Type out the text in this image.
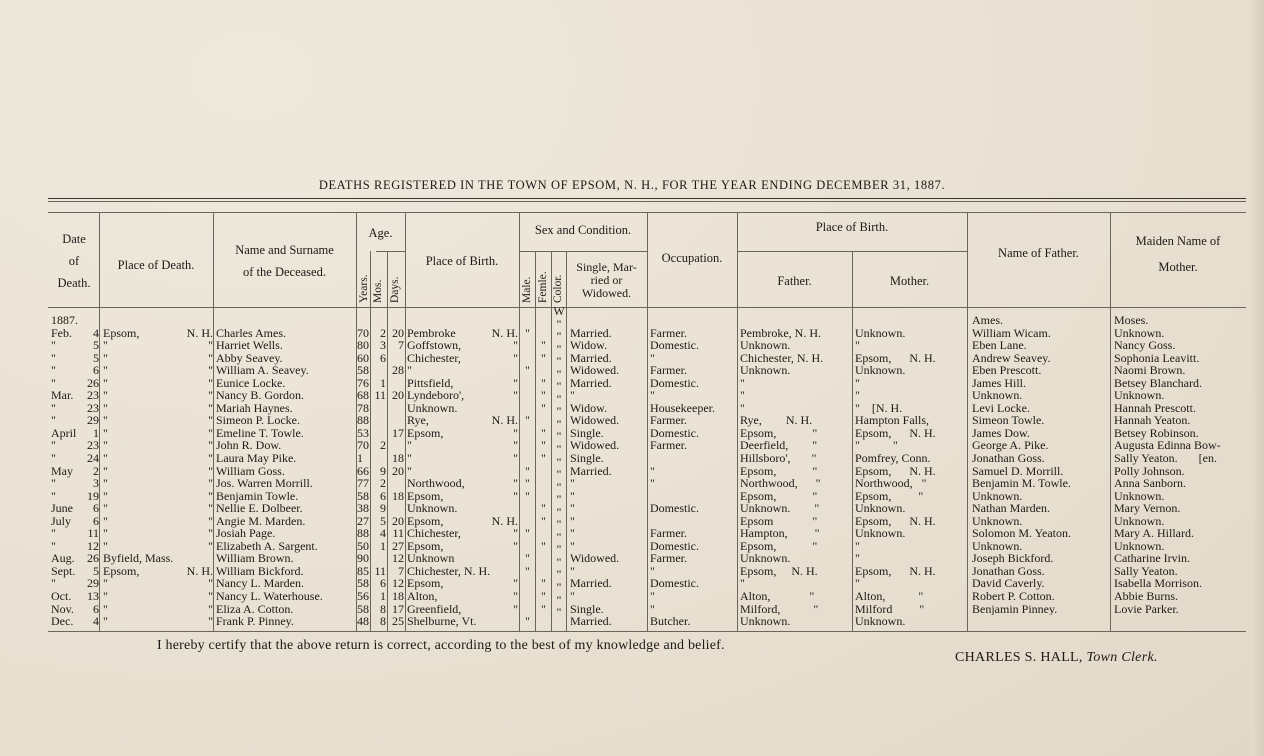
DEATHS REGISTERED IN THE TOWN OF EPSOM, N. H., FOR THE YEAR ENDING DECEMBER 31, 1887.
Date
of
Death.
Place of Death.
Name and Surname
of the Deceased.
Age.
Years. Mos. Days.
Place of Birth.
Sex and Condition.
Male. Femle. Color.
Single, Mar-
ried or
Widowed.
Occupation.
Place of Birth.
Father.	Mother.
Name of Father.
Maiden Name of
Mother.
1887.
Feb.
"
"
"
"
Mar.
"
"
April
"
"
May
"
"
June
July
"
"
Aug.
Sept.
"
Oct.
Nov.
Dec.

4
5
5
6
26
23
23
29
1
23
24
2
3
19
6
6
11
12
26
5
29
13
6
4

Epsom,
"
"
"
"
"
"
"
"
"
"
"
"
"
"
"
"
"
Byfield, Mass.
Epsom,
"
"
"
"

N. H.
"
"
"
"
"
"
"
"
"
"
"
"
"
"
"
"
"

N. H.
"
"
"
"

Charles Ames.
Harriet Wells.
Abby Seavey.
William A. Seavey.
Eunice Locke.
Nancy B. Gordon.
Mariah Haynes.
Simeon P. Locke.
Emeline T. Towle.
John R. Dow.
Laura May Pike.
William Goss.
Jos. Warren Morrill.
Benjamin Towle.
Nellie E. Dolbeer.
Angie M. Marden.
Josiah Page.
Elizabeth A. Sargent.
William Brown.
William Bickford.
Nancy L. Marden.
Nancy L. Waterhouse.
Eliza A. Cotton.
Frank P. Pinney.

70
80
60
58
76
68
78
88
53
70
1
66
77
58
38
27
88
50
90
85
58
56
58
48

2
3
6

1
11

2

9
2
6
9
5
4
1

11
6
1
8
8

20
7

28

20

17

18
20

18

20
11
27
12
7
12
18
17
25

Pembroke
Goffstown,
Chichester,
"
Pittsfield,
Lyndeboro',
Unknown.
Rye,
Epsom,
"
"
"
Northwood,
Epsom,
Unknown.
Epsom,
Chichester,
Epsom,
Unknown
Chichester, N. H.
Epsom,
Alton,
Greenfield,
Shelburne, Vt.

N. H.
"
"

"
"

N. H.
"
"
"

"
"

N. H.
"
"

"
"
"

"

"

"

"
"
"

"

"
"

"

"
"

"
"
"

"
"
"

"
"

"

"
"
"

W
"
"
"
"
"
"
"
"
"
"
"
"
"
"
"
"
"
"
"
"
"
"
"
"

Married.
Widow.
Married.
Widowed.
Married.
"
Widow.
Widowed.
Single.
Widowed.
Single.
Married.
"
"
"
"
"
"
Widowed.
"
Married.
"
Single.
Married.

Farmer.
Domestic.
"
Farmer.
Domestic.
"
Housekeeper.
Farmer.
Domestic.
Farmer.

"
"

Domestic.

Farmer.
Domestic.
Farmer.
"
Domestic.
"
"
Butcher.

Pembroke, N. H.
Unknown.
Chichester, N. H.
Unknown.
"
"
"
Rye,        N. H.
Epsom,            "
Deerfield,        "
Hillsboro',       "
Epsom,            "
Northwood,      "
Epsom,            "
Unknown.        "
Epsom             "
Hampton,         "
Epsom,            "
Unknown.
Epsom,     N. H.
"
Alton,             "
Milford,           "
Unknown.

Unknown.
"
Epsom,      N. H.
Unknown.
"
"
"    [N. H.
Hampton Falls,
Epsom,      N. H.
"           "
Pomfrey, Conn.
Epsom,      N. H.
Northwood,   "
Epsom,         "
Unknown.
Epsom,      N. H.
Unknown.
"
"
Epsom,      N. H.
"
Alton,           "
Milford         "
Unknown.
Ames.
William Wicam.
Eben Lane.
Andrew Seavey.
Eben Prescott.
James Hill.
Unknown.
Levi Locke.
Simeon Towle.
James Dow.
George A. Pike.
Jonathan Goss.
Samuel D. Morrill.
Benjamin M. Towle.
Unknown.
Nathan Marden.
Unknown.
Solomon M. Yeaton.
Unknown.
Joseph Bickford.
Jonathan Goss.
David Caverly.
Robert P. Cotton.
Benjamin Pinney.
Moses.
Unknown.
Nancy Goss.
Sophonia Leavitt.
Naomi Brown.
Betsey Blanchard.
Unknown.
Hannah Prescott.
Hannah Yeaton.
Betsey Robinson.
Augusta Edinna Bow-
Sally Yeaton.       [en.
Polly Johnson.
Anna Sanborn.
Unknown.
Mary Vernon.
Unknown.
Mary A. Hillard.
Unknown.
Catharine Irvin.
Sally Yeaton.
Isabella Morrison.
Abbie Burns.
Lovie Parker.
I hereby certify that the above return is correct, according to the best of my knowledge and belief.
CHARLES S. HALL, Town Clerk.
